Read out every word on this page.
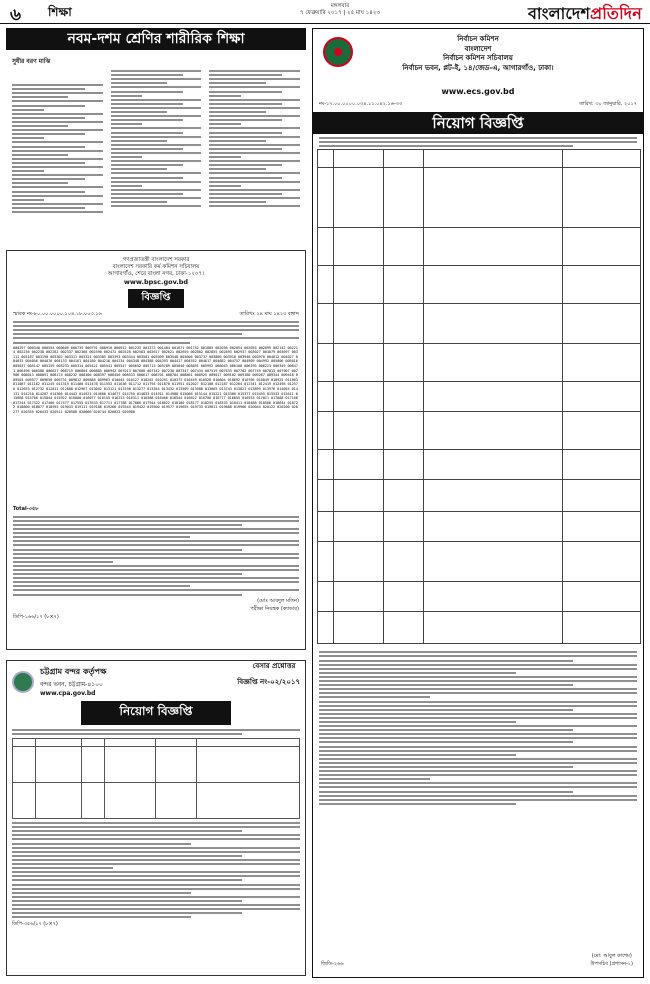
৬ শিক্ষা	মঙ্গলবার
৭ ফেব্রুয়ারি ২০১৭ | ২৫ মাঘ ১৪২৩	বাংলাদেশপ্রতিদিন
নবম-দশম শ্রেণির শারীরিক শিক্ষা
সুধীর বরণ মাঝি
গণপ্রজাতন্ত্রী বাংলাদেশ সরকার
বাংলাদেশ সরকারি কর্ম কমিশন সচিবালয়
আগারগাঁও, শেরে বাংলা নগর, ঢাকা-১২০৭।
www.bpsc.gov.bd
বিজ্ঞপ্তি
স্মারক নং-৮০.০০.০০০০.১০৪.১৮.০০৩.১৬	তারিখঃ ২৪ মাঘ ১৪২৩ বঙ্গাব্দ
000297 000340 000554 000609 000735 000791 000910 000912 001233 001373 001484 001671 001752 001885 002036 002054 002055 002099 002142 002214 002236 002238 002282 002337 002368 002390 002472 002528 002583 002617 002621 002659 002802 002855 002893 002937 003027 003079 003097 003111 003187 003190 003302 003311 003324 003385 003393 003444 003501 003509 003548 003606 003737 003806 003918 003946 003970 004012 004027 004033 004056 004076 004133 004161 004180 004216 004234 004348 004388 004393 004417 004552 004617 004682 004757 004909 004992 005006 005016 005037 005147 005159 005233 005314 005421 005541 005547 005652 005713 005789 005840 005891 005992 006043 006108 006195 006223 006349 006471 006496 006588 006627 006719 006804 006885 006942 007013 007088 007142 007238 007347 007434 007519 007633 007702 007749 007815 007907 007986 008013 008091 008174 008232 008300 008397 008456 008533 008617 008701 008784 008861 008925 009017 009102 009188 009267 009344 009418 009503 009577 009650 009731 009812 009888 009963 010044 010127 010202 010291 010373 010449 010528 010604 010692 010766 010849 010925 011003 011087 011162 011245 011319 011400 011478 011553 011636 011712 011794 011870 011951 012027 012108 012187 012264 012341 012419 012498 012576 012653 012732 012811 012888 012967 013042 013121 013198 013277 013354 013432 013509 013588 013665 013743 013821 013899 013976 014054 014131 014210 014287 014366 014443 014521 014600 014677 014755 014833 014911 014988 015066 015144 015221 015300 015377 015455 015533 015611 015688 015766 015844 015922 016000 016077 016155 016233 016311 016388 016466 016544 016622 016700 016777 016855 016933 017011 017088 017166 017244 017322 017400 017477 017555 017633 017711 017788 017866 017944 018022 018100 018177 018255 018333 018411 018488 018566 018644 018722 018800 018877 018955 019033 019111 019188 019266 019344 019422 019500 019577 019655 019733 019811 019888 019966 020044 020122 020200 020277 020355 020433 020511 020588 020666 020744 020822 020900
Total-৩৫৮
(মোঃ আবদুল মতিন)
পরীক্ষা নিয়ন্ত্রক (ক্যাডার)
ডিপি-১৬৬/১৭ (৮×৭)
চট্টগ্রাম বন্দর কর্তৃপক্ষ
বন্দর ভবন, চট্টগ্রাম-৪১০০
www.cpa.gov.bd
বিজ্ঞপ্তি নং-০২/২০১৭
নিয়োগ বিজ্ঞপ্তি

ডিপি-৩৫৬/১৭ (৮×৭)
বেসার প্রশ্নোত্তর
নির্বাচন কমিশন
বাংলাদেশ
নির্বাচন কমিশন সচিবালয়
নির্বাচন ভবন, প্লট-ই, ১৪/জেড-এ, আগারগাঁও, ঢাকা।
www.ecs.gov.bd
নং-১৭.০০.০০০০.০৩৪.১১.০৪২.১৬-৩৩	তারিখ: ৩০ জানুয়ারি, ২০১৭
নিয়োগ বিজ্ঞপ্তি

(মো: আবুল কাশেম)
উপসচিব (প্রশাসন-২)
জিডি-২৬৬
